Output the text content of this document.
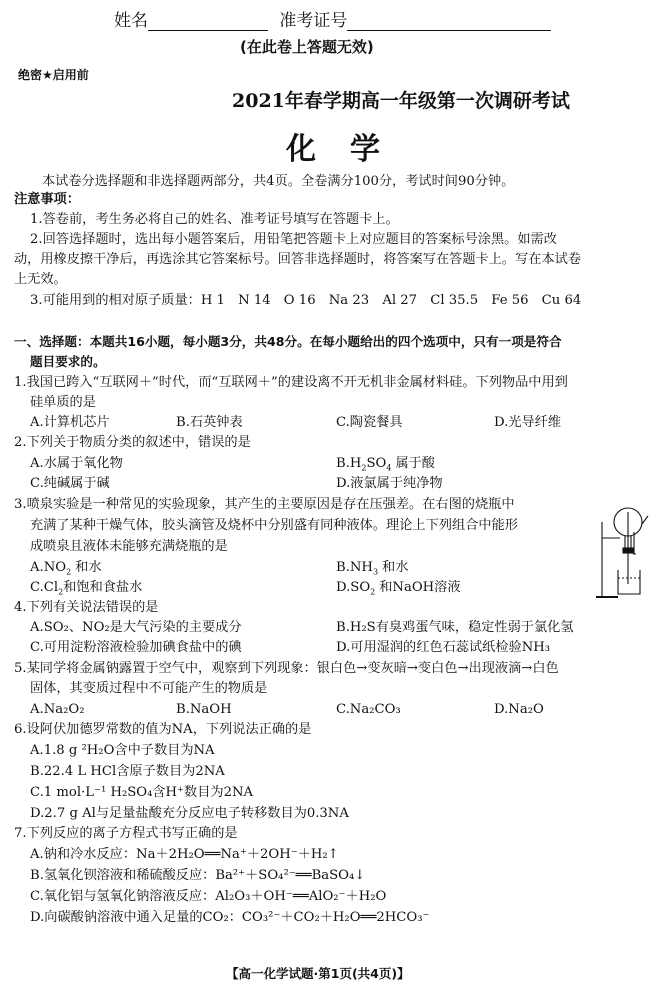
姓名	准考证号
(在此卷上答题无效)
绝密★启用前
2021年春学期高一年级第一次调研考试
化　学
本试卷分选择题和非选择题两部分，共4页。全卷满分100分，考试时间90分钟。
注意事项：
1.答卷前，考生务必将自己的姓名、准考证号填写在答题卡上。
2.回答选择题时，选出每小题答案后，用铅笔把答题卡上对应题目的答案标号涂黑。如需改
动，用橡皮擦干净后，再选涂其它答案标号。回答非选择题时，将答案写在答题卡上。写在本试卷
上无效。
3.可能用到的相对原子质量：H 1　N 14　O 16　Na 23　Al 27　Cl 35.5　Fe 56　Cu 64
一、选择题：本题共16小题，每小题3分，共48分。在每小题给出的四个选项中，只有一项是符合
题目要求的。
1.我国已跨入“互联网＋”时代，而“互联网＋”的建设离不开无机非金属材料硅。下列物品中用到
硅单质的是
A.计算机芯片	B.石英钟表	C.陶瓷餐具	D.光导纤维
2.下列关于物质分类的叙述中，错误的是
A.水属于氧化物	$B.H_2SO_4$ 属于酸
C.纯碱属于碱	D.液氯属于纯净物
3.喷泉实验是一种常见的实验现象，其产生的主要原因是存在压强差。在右图的烧瓶中
充满了某种干燥气体，胶头滴管及烧杯中分别盛有同种液体。理论上下列组合中能形
成喷泉且液体未能够充满烧瓶的是
$A.NO_2$ 和水	$B.NH_3$ 和水
$C.Cl_2$和饱和食盐水	$D.SO_2$ 和NaOH溶液
4.下列有关说法错误的是
A.SO₂、NO₂是大气污染的主要成分	B.H₂S有臭鸡蛋气味，稳定性弱于氯化氢
C.可用淀粉溶液检验加碘食盐中的碘	D.可用湿润的红色石蕊试纸检验NH₃
5.某同学将金属钠露置于空气中，观察到下列现象：银白色→变灰暗→变白色→出现液滴→白色
固体，其变质过程中不可能产生的物质是
A.Na₂O₂	B.NaOH	C.Na₂CO₃	D.Na₂O
6.设阿伏加德罗常数的值为NA，下列说法正确的是
A.1.8 g ²H₂O含中子数目为NA
B.22.4 L HCl含原子数目为2NA
C.1 mol·L⁻¹ H₂SO₄含H⁺数目为2NA
D.2.7 g Al与足量盐酸充分反应电子转移数目为0.3NA
7.下列反应的离子方程式书写正确的是
A.钠和冷水反应：Na＋2H₂O══Na⁺＋2OH⁻＋H₂↑
B.氢氧化钡溶液和稀硫酸反应：Ba²⁺＋SO₄²⁻══BaSO₄↓
C.氧化铝与氢氧化钠溶液反应：Al₂O₃＋OH⁻══AlO₂⁻＋H₂O
D.向碳酸钠溶液中通入足量的CO₂：CO₃²⁻＋CO₂＋H₂O══2HCO₃⁻
【高一化学试题·第1页(共4页)】
